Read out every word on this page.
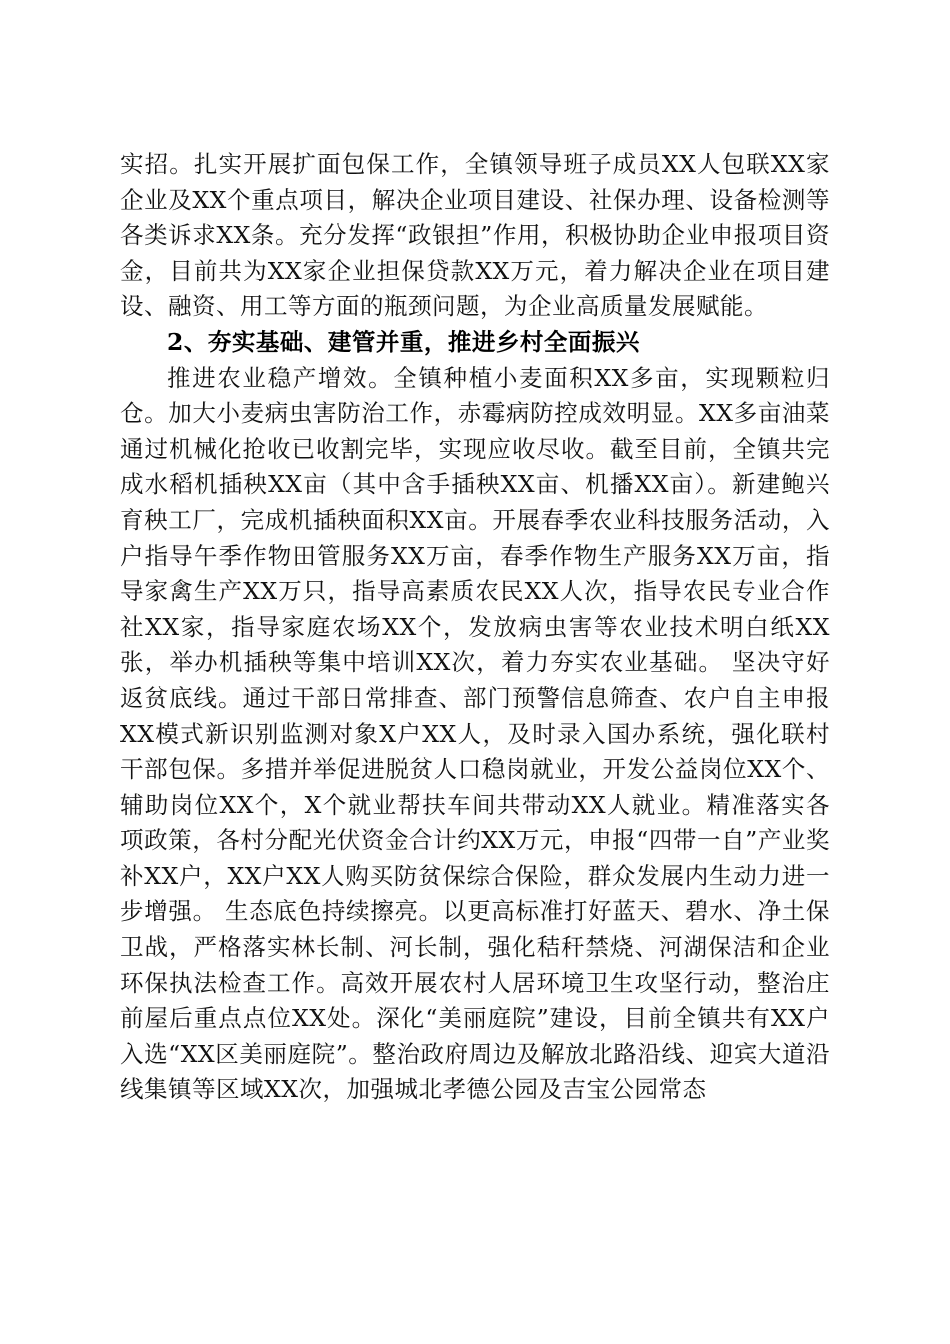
实招。扎实开展扩面包保工作，全镇领导班子成员XX人包联XX家企业及XX个重点项目，解决企业项目建设、社保办理、设备检测等各类诉求XX条。充分发挥“政银担”作用，积极协助企业申报项目资金，目前共为XX家企业担保贷款XX万元，着力解决企业在项目建设、融资、用工等方面的瓶颈问题，为企业高质量发展赋能。

2、夯实基础、建管并重，推进乡村全面振兴

推进农业稳产增效。全镇种植小麦面积XX多亩，实现颗粒归仓。加大小麦病虫害防治工作，赤霉病防控成效明显。XX多亩油菜通过机械化抢收已收割完毕，实现应收尽收。截至目前，全镇共完成水稻机插秧XX亩（其中含手插秧XX亩、机播XX亩）。新建鲍兴育秧工厂，完成机插秧面积XX亩。开展春季农业科技服务活动，入户指导午季作物田管服务XX万亩，春季作物生产服务XX万亩，指导家禽生产XX万只，指导高素质农民XX人次，指导农民专业合作社XX家，指导家庭农场XX个，发放病虫害等农业技术明白纸XX张，举办机插秧等集中培训XX次，着力夯实农业基础。 坚决守好返贫底线。通过干部日常排查、部门预警信息筛查、农户自主申报XX模式新识别监测对象X户XX人，及时录入国办系统，强化联村干部包保。多措并举促进脱贫人口稳岗就业，开发公益岗位XX个、辅助岗位XX个，X个就业帮扶车间共带动XX人就业。精准落实各项政策，各村分配光伏资金合计约XX万元，申报“四带一自”产业奖补XX户，XX户XX人购买防贫保综合保险，群众发展内生动力进一步增强。 生态底色持续擦亮。以更高标准打好蓝天、碧水、净土保卫战，严格落实林长制、河长制，强化秸秆禁烧、河湖保洁和企业环保执法检查工作。高效开展农村人居环境卫生攻坚行动，整治庄前屋后重点点位XX处。深化“美丽庭院”建设，目前全镇共有XX户入选“XX区美丽庭院”。整治政府周边及解放北路沿线、迎宾大道沿线集镇等区域XX次，加强城北孝德公园及吉宝公园常态
